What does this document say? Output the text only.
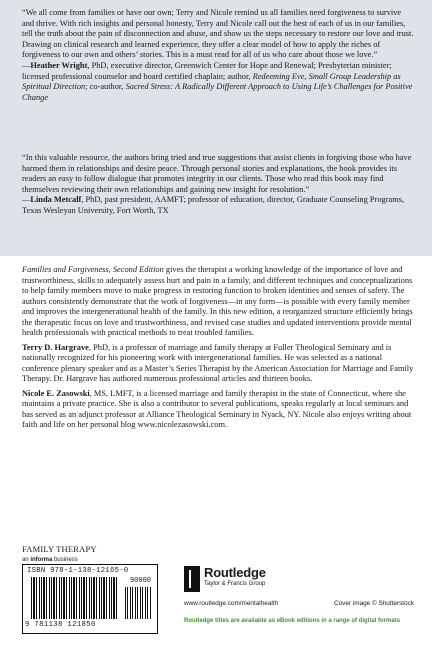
“We all come from families or have our own; Terry and Nicole remind us all families need forgiveness to survive and thrive. With rich insights and personal honesty, Terry and Nicole call out the best of each of us in our families, tell the truth about the pain of disconnection and abuse, and show us the steps necessary to restore our love and trust. Drawing on clinical research and learned experience, they offer a clear model of how to apply the riches of forgiveness to our own and others’ stories. This is a must read for all of us who care about those we love.”
—Heather Wright, PhD, executive director, Greenwich Center for Hope and Renewal; Presbyterian minister; licensed professional counselor and board certified chaplain; author, Redeeming Eve, Small Group Leadership as Spiritual Direction; co-author, Sacred Stress: A Radically Different Approach to Using Life’s Challenges for Positive Change

“In this valuable resource, the authors bring tried and true suggestions that assist clients in forgiving those who have harmed them in relationships and desire peace. Through personal stories and explanations, the book provides its readers an easy to follow dialogue that promotes integrity in our clients. Those who read this book may find themselves reviewing their own relationships and gaining new insight for resolution.”
—Linda Metcalf, PhD, past president, AAMFT; professor of education, director, Graduate Counseling Programs, Texas Wesleyan University, Fort Worth, TX

Families and Forgiveness, Second Edition gives the therapist a working knowledge of the importance of love and trustworthiness, skills to adequately assess hurt and pain in a family, and different techniques and conceptualizations to help family members move to make progress in restoring function to broken identities and senses of safety. The authors consistently demonstrate that the work of forgiveness—in any form—is possible with every family member and improves the intergenerational health of the family. In this new edition, a reorganized structure efficiently brings the therapeutic focus on love and trustworthiness, and revised case studies and updated interventions provide mental health professionals with practical methods to treat troubled families.

Terry D. Hargrave, PhD, is a professor of marriage and family therapy at Fuller Theological Seminary and is nationally recognized for his pioneering work with intergenerational families. He was selected as a national conference plenary speaker and as a Master’s Series Therapist by the American Association for Marriage and Family Therapy. Dr. Hargrave has authored numerous professional articles and thirteen books.

Nicole E. Zasowski, MS, LMFT, is a licensed marriage and family therapist in the state of Connecticut, where she maintains a private practice. She is also a contributor to several publications, speaks regularly at local seminars and has served as an adjunct professor at Alliance Theological Seminary in Nyack, NY. Nicole also enjoys writing about faith and life on her personal blog www.nicolezasowski.com.

FAMILY THERAPY
an informa business
ISBN 978-1-138-12165-0
90000
9 781138 121850
Routledge
Taylor & Francis Group
www.routledge.com/mentalhealth	Cover image © Shutterstock
Routledge titles are available as eBook editions in a range of digital formats
